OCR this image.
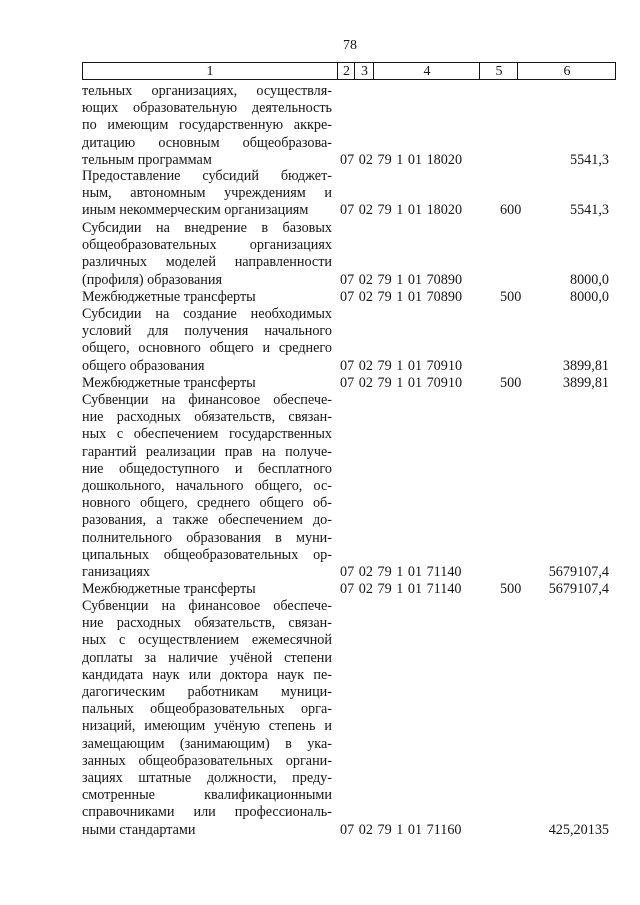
78
1	2 3	4	5	6
тельных организациях, осуществля-
ющих образовательную деятельность
по имеющим государственную аккре-
дитацию основным общеобразова-
тельным программам	07 02 79 1 01 18020	5541,3
Предоставление субсидий бюджет-
ным, автономным учреждениям и
иным некоммерческим организациям	07 02 79 1 01 18020	600	5541,3
Субсидии на внедрение в базовых
общеобразовательных организациях
различных моделей направленности
(профиля) образования	07 02 79 1 01 70890	8000,0
Межбюджетные трансферты	07 02 79 1 01 70890	500	8000,0
Субсидии на создание необходимых
условий для получения начального
общего, основного общего и среднего
общего образования	07 02 79 1 01 70910	3899,81
Межбюджетные трансферты	07 02 79 1 01 70910	500	3899,81
Субвенции на финансовое обеспече-
ние расходных обязательств, связан-
ных с обеспечением государственных
гарантий реализации прав на получе-
ние общедоступного и бесплатного
дошкольного, начального общего, ос-
новного общего, среднего общего об-
разования, а также обеспечением до-
полнительного образования в муни-
ципальных общеобразовательных ор-
ганизациях	07 02 79 1 01 71140	5679107,4
Межбюджетные трансферты	07 02 79 1 01 71140	500 5679107,4
Субвенции на финансовое обеспече-
ние расходных обязательств, связан-
ных с осуществлением ежемесячной
доплаты за наличие учёной степени
кандидата наук или доктора наук пе-
дагогическим работникам муници-
пальных общеобразовательных орга-
низаций, имеющим учёную степень и
замещающим (занимающим) в ука-
занных общеобразовательных органи-
зациях штатные должности, преду-
смотренные квалификационными
справочниками или профессиональ-
ными стандартами	07 02 79 1 01 71160	425,20135
